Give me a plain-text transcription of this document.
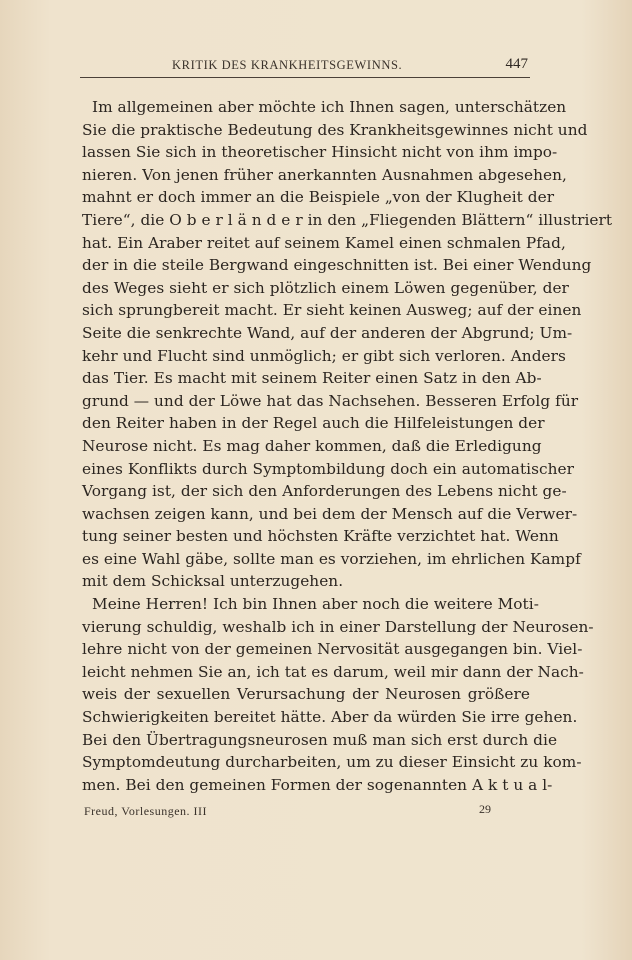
KRITIK DES KRANKHEITSGEWINNS.	447
Im allgemeinen aber möchte ich Ihnen sagen, unterschätzen
Sie die praktische Bedeutung des Krankheitsgewinnes nicht und
lassen Sie sich in theoretischer Hinsicht nicht von ihm impo-
nieren. Von jenen früher anerkannten Ausnahmen abgesehen,
mahnt er doch immer an die Beispiele „von der Klugheit der
Tiere“, die O b e r l ä n d e r in den „Fliegenden Blättern“ illustriert
hat. Ein Araber reitet auf seinem Kamel einen schmalen Pfad,
der in die steile Bergwand eingeschnitten ist. Bei einer Wendung
des Weges sieht er sich plötzlich einem Löwen gegenüber, der
sich sprungbereit macht. Er sieht keinen Ausweg; auf der einen
Seite die senkrechte Wand, auf der anderen der Abgrund; Um-
kehr und Flucht sind unmöglich; er gibt sich verloren. Anders
das Tier. Es macht mit seinem Reiter einen Satz in den Ab-
grund — und der Löwe hat das Nachsehen. Besseren Erfolg für
den Reiter haben in der Regel auch die Hilfeleistungen der
Neurose nicht. Es mag daher kommen, daß die Erledigung
eines Konflikts durch Symptombildung doch ein automatischer
Vorgang ist, der sich den Anforderungen des Lebens nicht ge-
wachsen zeigen kann, und bei dem der Mensch auf die Verwer-
tung seiner besten und höchsten Kräfte verzichtet hat. Wenn
es eine Wahl gäbe, sollte man es vorziehen, im ehrlichen Kampf
mit dem Schicksal unterzugehen.
Meine Herren! Ich bin Ihnen aber noch die weitere Moti-
vierung schuldig, weshalb ich in einer Darstellung der Neurosen-
lehre nicht von der gemeinen Nervosität ausgegangen bin. Viel-
leicht nehmen Sie an, ich tat es darum, weil mir dann der Nach-
weis der sexuellen Verursachung der Neurosen größere
Schwierigkeiten bereitet hätte. Aber da würden Sie irre gehen.
Bei den Übertragungsneurosen muß man sich erst durch die
Symptomdeutung durcharbeiten, um zu dieser Einsicht zu kom-
men. Bei den gemeinen Formen der sogenannten A k t u a l-
Freud, Vorlesungen. III	29
